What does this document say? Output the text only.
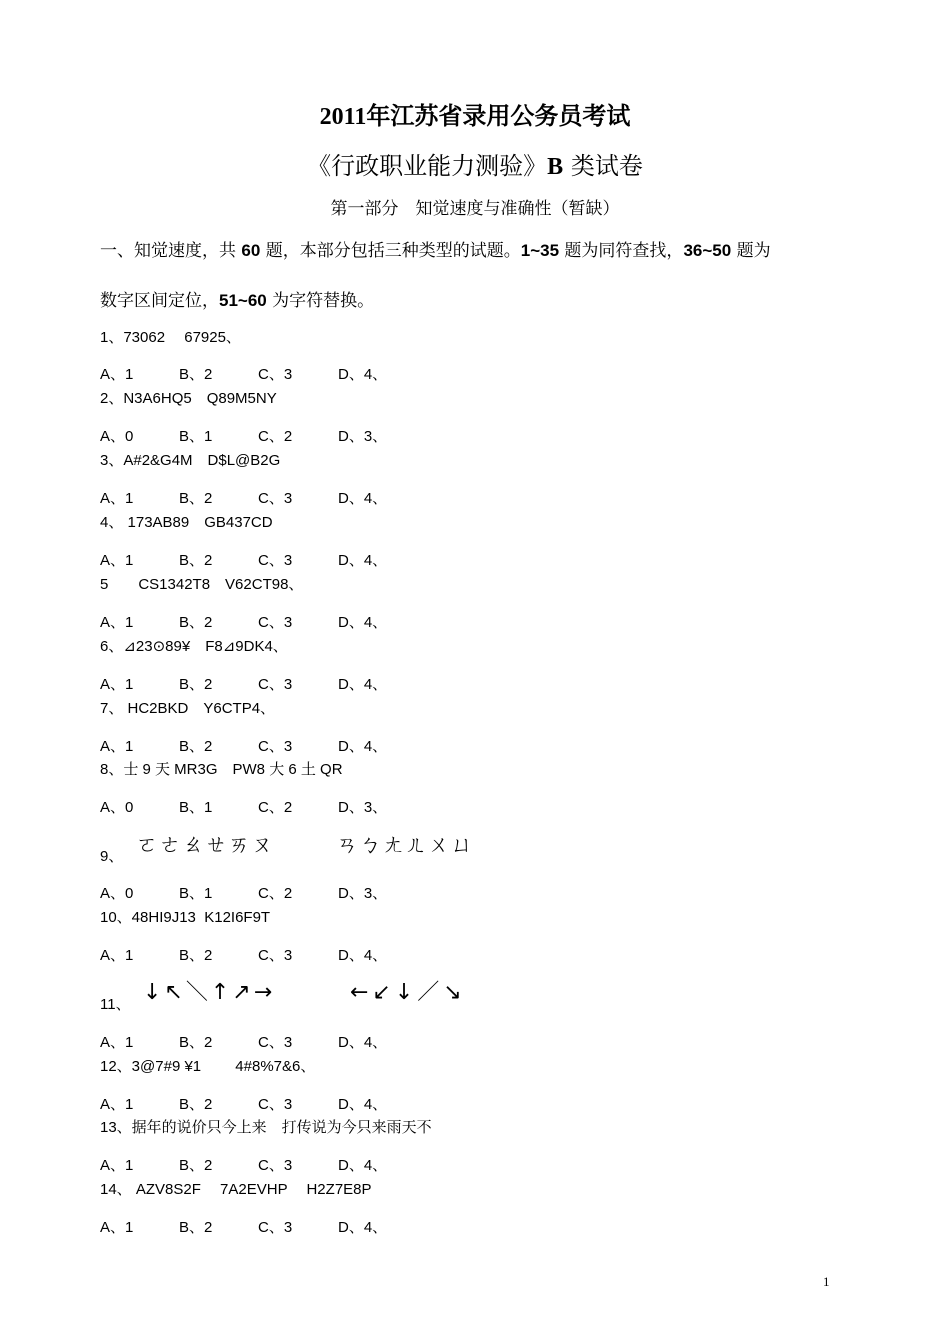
2011年江苏省录用公务员考试
《行政职业能力测验》B 类试卷
第一部分　知觉速度与准确性（暂缺）
一、知觉速度，共 60 题，本部分包括三种类型的试题。1~35 题为同符查找，36~50 题为
数字区间定位，51~60 为字符替换。
1、73062　 67925、
A、1	B、2	C、3	D、4、
2、N3A6HQ5　Q89M5NY
A、0	B、1	C、2	D、3、
3、A#2&G4M　D$L@B2G
A、1	B、2	C、3	D、4、
4、 173AB89　GB437CD
A、1	B、2	C、3	D、4、
5　　CS1342T8　V62CT98、
A、1	B、2	C、3	D、4、
6、⊿23⊙89¥　F8⊿9DK4、
A、1	B、2	C、3	D、4、
7、 HC2BKD　Y6CTP4、
A、1	B、2	C、3	D、4、
8、士 9 天 MR3G　PW8 大 6 土 QR
A、0	B、1	C、2	D、3、
9、 ㄛㄜㄠㄝㄞㄡ	ㄢㄅㄤㄦㄨㄩ
A、0	B、1	C、2	D、3、
10、48HI9J13  K12I6F9T
A、1	B、2	C、3	D、4、
11、 ↓↖＼↑↗→	←↙↓／↘
A、1	B、2	C、3	D、4、
12、3@7#9 ¥1　　 4#8%7&6、
A、1	B、2	C、3	D、4、
13、据年的说价只今上来　打传说为今只来雨天不
A、1	B、2	C、3	D、4、
14、 AZV8S2F　 7A2EVHP　 H2Z7E8P
A、1	B、2	C、3	D、4、
1
